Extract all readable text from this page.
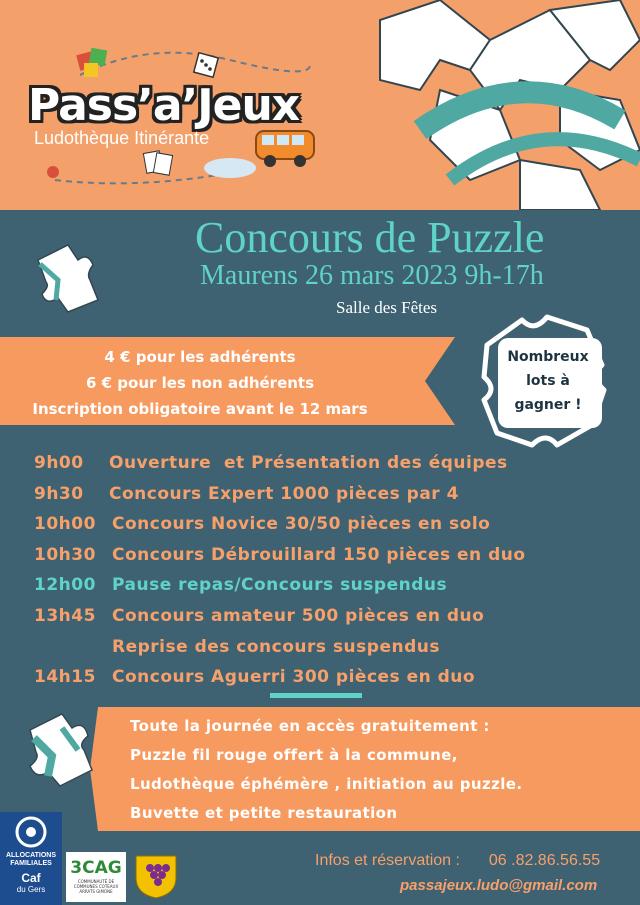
Pass’a’Jeux
Ludothèque Itinérante
Concours de Puzzle
Maurens 26 mars 2023 9h-17h
Salle des Fêtes
4 € pour les adhérents
6 € pour les non adhérents
Inscription obligatoire avant le 12 mars
Nombreux
lots à
gagner !
9h00 Ouverture  et Présentation des équipes
9h30 Concours Expert 1000 pièces par 4
10h00 Concours Novice 30/50 pièces en solo
10h30 Concours Débrouillard 150 pièces en duo
12h00 Pause repas/Concours suspendus
13h45 Concours amateur 500 pièces en duo
Reprise des concours suspendus
14h15 Concours Aguerri 300 pièces en duo
Toute la journée en accès gratuitement :
Puzzle fil rouge offert à la commune,
Ludothèque éphémère , initiation au puzzle.
Buvette et petite restauration
ALLOCATIONS
FAMILIALES
Caf
du Gers
3CAG
COMMUNAUTÉ DE COMMUNES COTEAUX ARRATS GIMONE
Infos et réservation : 06 .82.86.56.55
passajeux.ludo@gmail.com
